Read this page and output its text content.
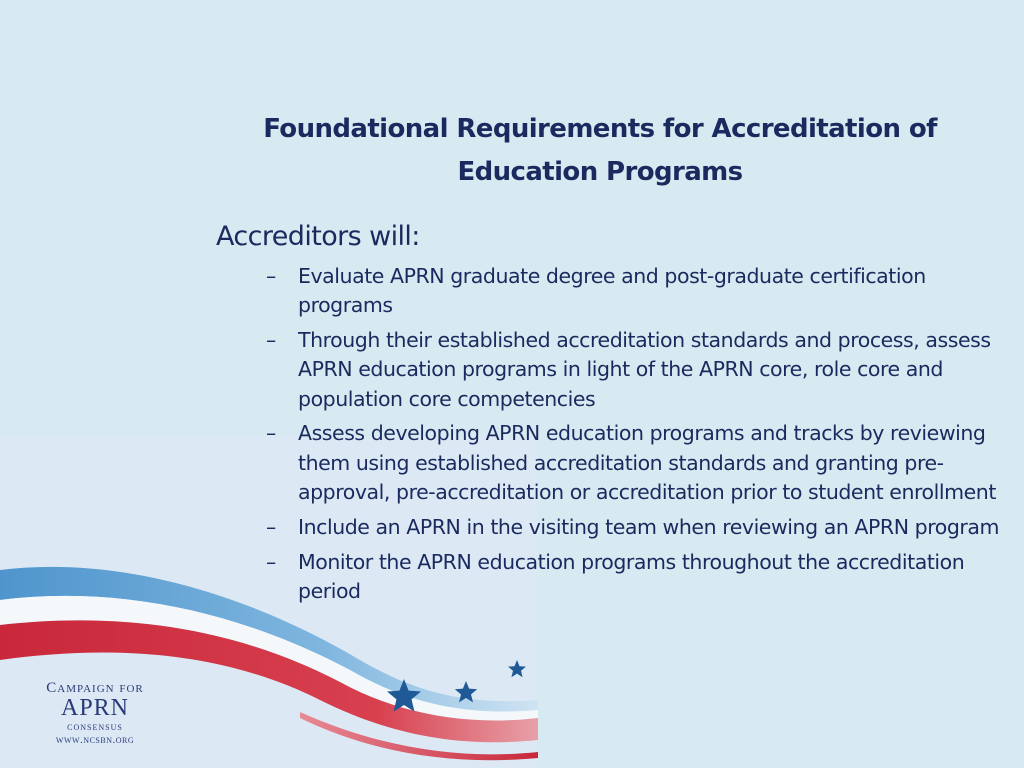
Foundational Requirements for Accreditation of Education Programs

Accreditors will:

– Evaluate APRN graduate degree and post-graduate certification programs
– Through their established accreditation standards and process, assess APRN education programs in light of the APRN core, role core and population core competencies
– Assess developing APRN education programs and tracks by reviewing them using established accreditation standards and granting pre-approval, pre-accreditation or accreditation prior to student enrollment
– Include an APRN in the visiting team when reviewing an APRN program
– Monitor the APRN education programs throughout the accreditation period
Campaign for
APRN
consensus
www.ncsbn.org
